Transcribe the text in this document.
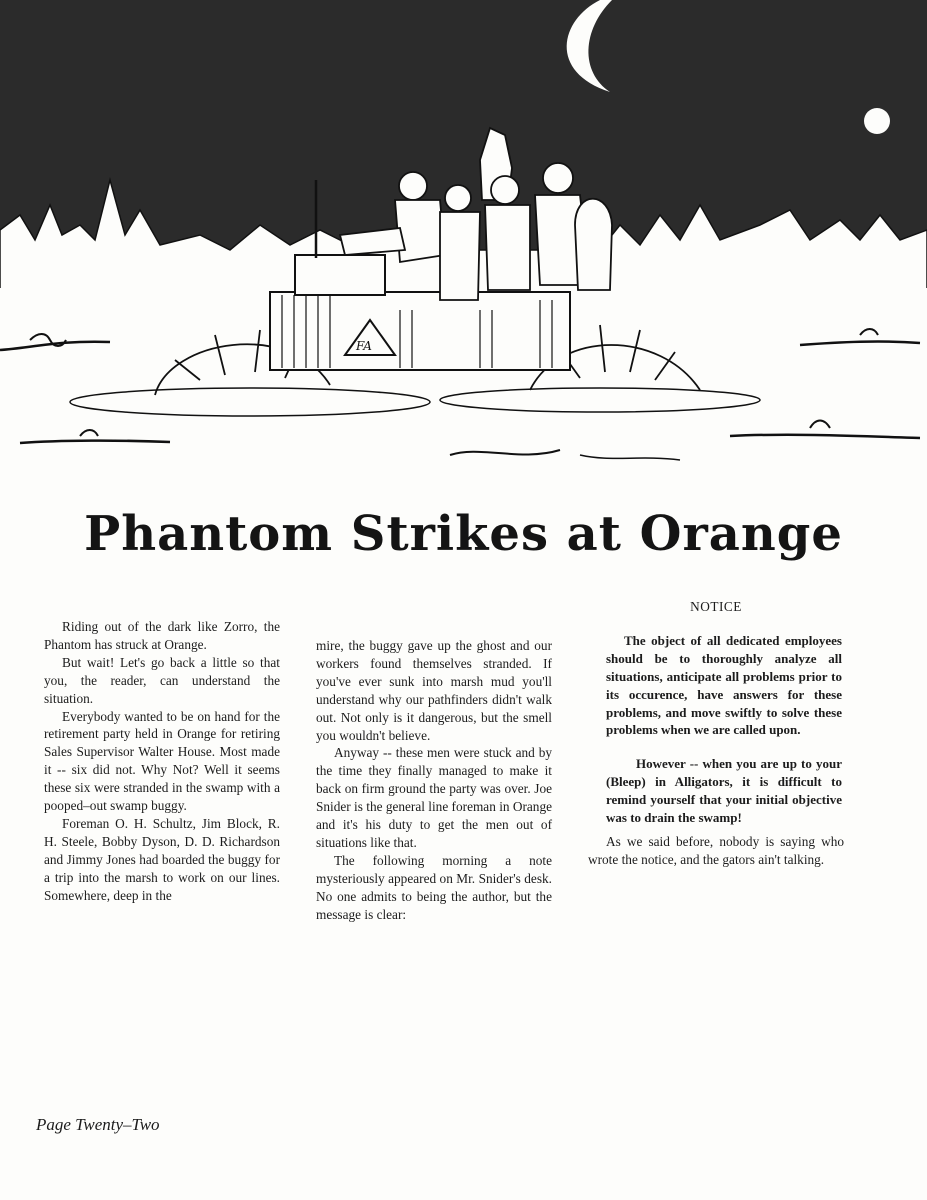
FA
Phantom Strikes at Orange

Riding out of the dark like Zorro, the Phantom has struck at Orange.

But wait! Let's go back a little so that you, the reader, can understand the situation.

Everybody wanted to be on hand for the retirement party held in Orange for retiring Sales Supervisor Walter House. Most made it -- six did not. Why Not? Well it seems these six were stranded in the swamp with a pooped–out swamp buggy.

Foreman O. H. Schultz, Jim Block, R. H. Steele, Bobby Dyson, D. D. Richardson and Jimmy Jones had boarded the buggy for a trip into the marsh to work on our lines. Somewhere, deep in the

mire, the buggy gave up the ghost and our workers found themselves stranded. If you've ever sunk into marsh mud you'll understand why our pathfinders didn't walk out. Not only is it dangerous, but the smell you wouldn't believe.

Anyway -- these men were stuck and by the time they finally managed to make it back on firm ground the party was over. Joe Snider is the general line foreman in Orange and it's his duty to get the men out of situations like that.

The following morning a note mysteriously appeared on Mr. Snider's desk. No one admits to being the author, but the message is clear:

NOTICE

The object of all dedicated employees should be to thoroughly analyze all situations, anticipate all problems prior to its occurence, have answers for these problems, and move swiftly to solve these problems when we are called upon.

However -- when you are up to your (Bleep) in Alligators, it is difficult to remind yourself that your initial objective was to drain the swamp!

As we said before, nobody is saying who wrote the notice, and the gators ain't talking.

Page Twenty–Two
